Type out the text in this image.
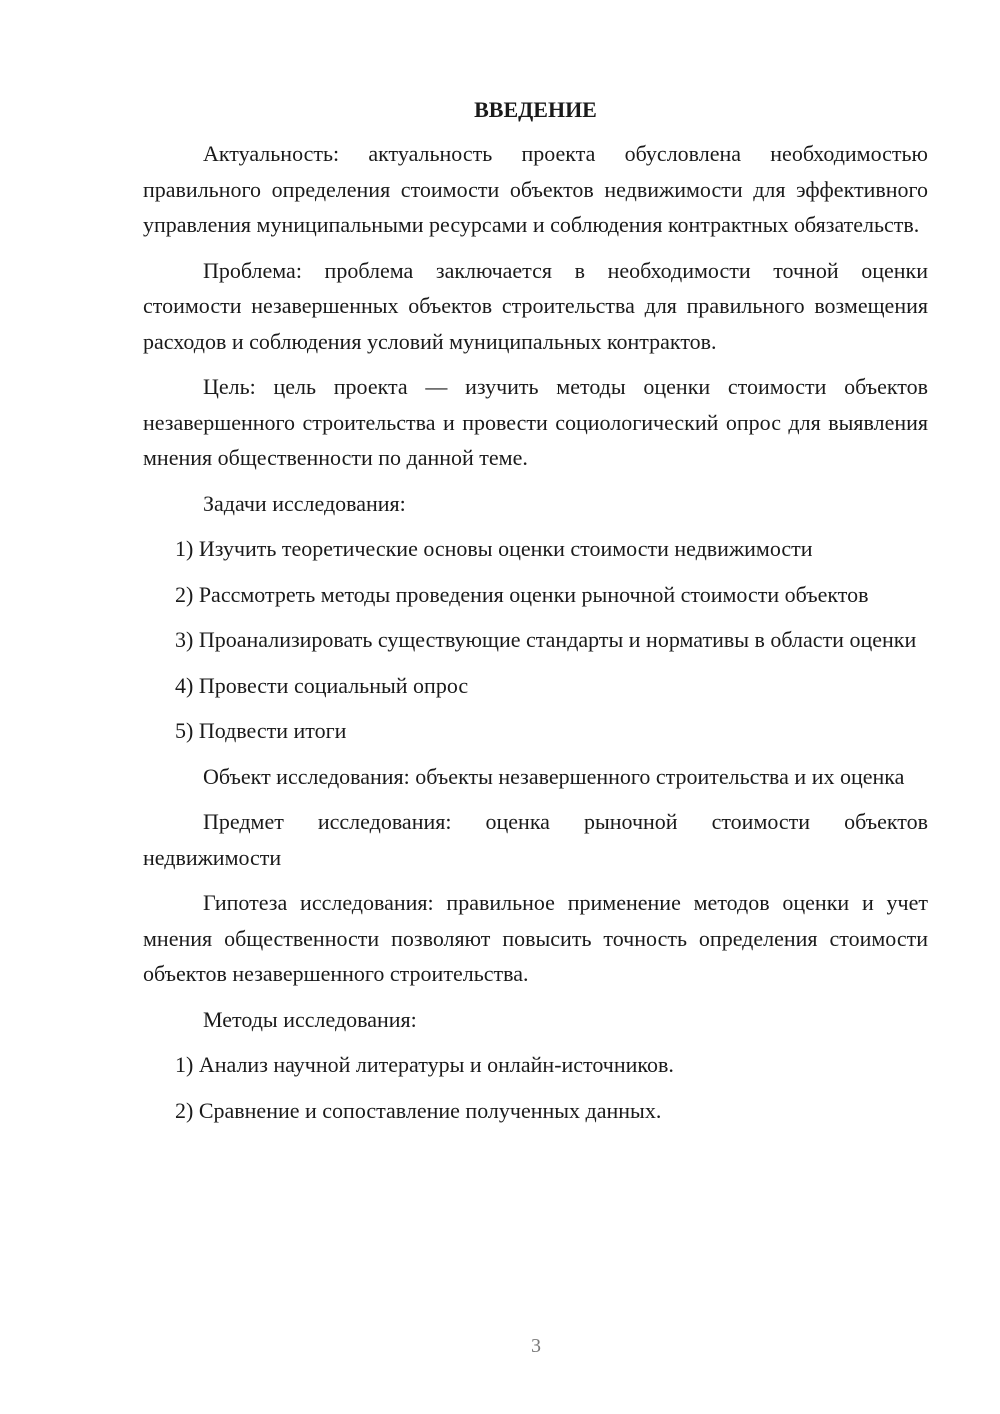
ВВЕДЕНИЕ

Актуальность: актуальность проекта обусловлена необходимостью правильного определения стоимости объектов недвижимости для эффективного управления муниципальными ресурсами и соблюдения контрактных обязательств.

Проблема: проблема заключается в необходимости точной оценки стоимости незавершенных объектов строительства для правильного возмещения расходов и соблюдения условий муниципальных контрактов.

Цель: цель проекта — изучить методы оценки стоимости объектов незавершенного строительства и провести социологический опрос для выявления мнения общественности по данной теме.

Задачи исследования:

1) Изучить теоретические основы оценки стоимости недвижимости

2) Рассмотреть методы проведения оценки рыночной стоимости объектов

3) Проанализировать существующие стандарты и нормативы в области оценки

4) Провести социальный опрос

5) Подвести итоги

Объект исследования: объекты незавершенного строительства и их оценка

Предмет исследования: оценка рыночной стоимости объектов недвижимости

Гипотеза исследования: правильное применение методов оценки и учет мнения общественности позволяют повысить точность определения стоимости объектов незавершенного строительства.

Методы исследования:

1) Анализ научной литературы и онлайн-источников.

2) Сравнение и сопоставление полученных данных.

3
